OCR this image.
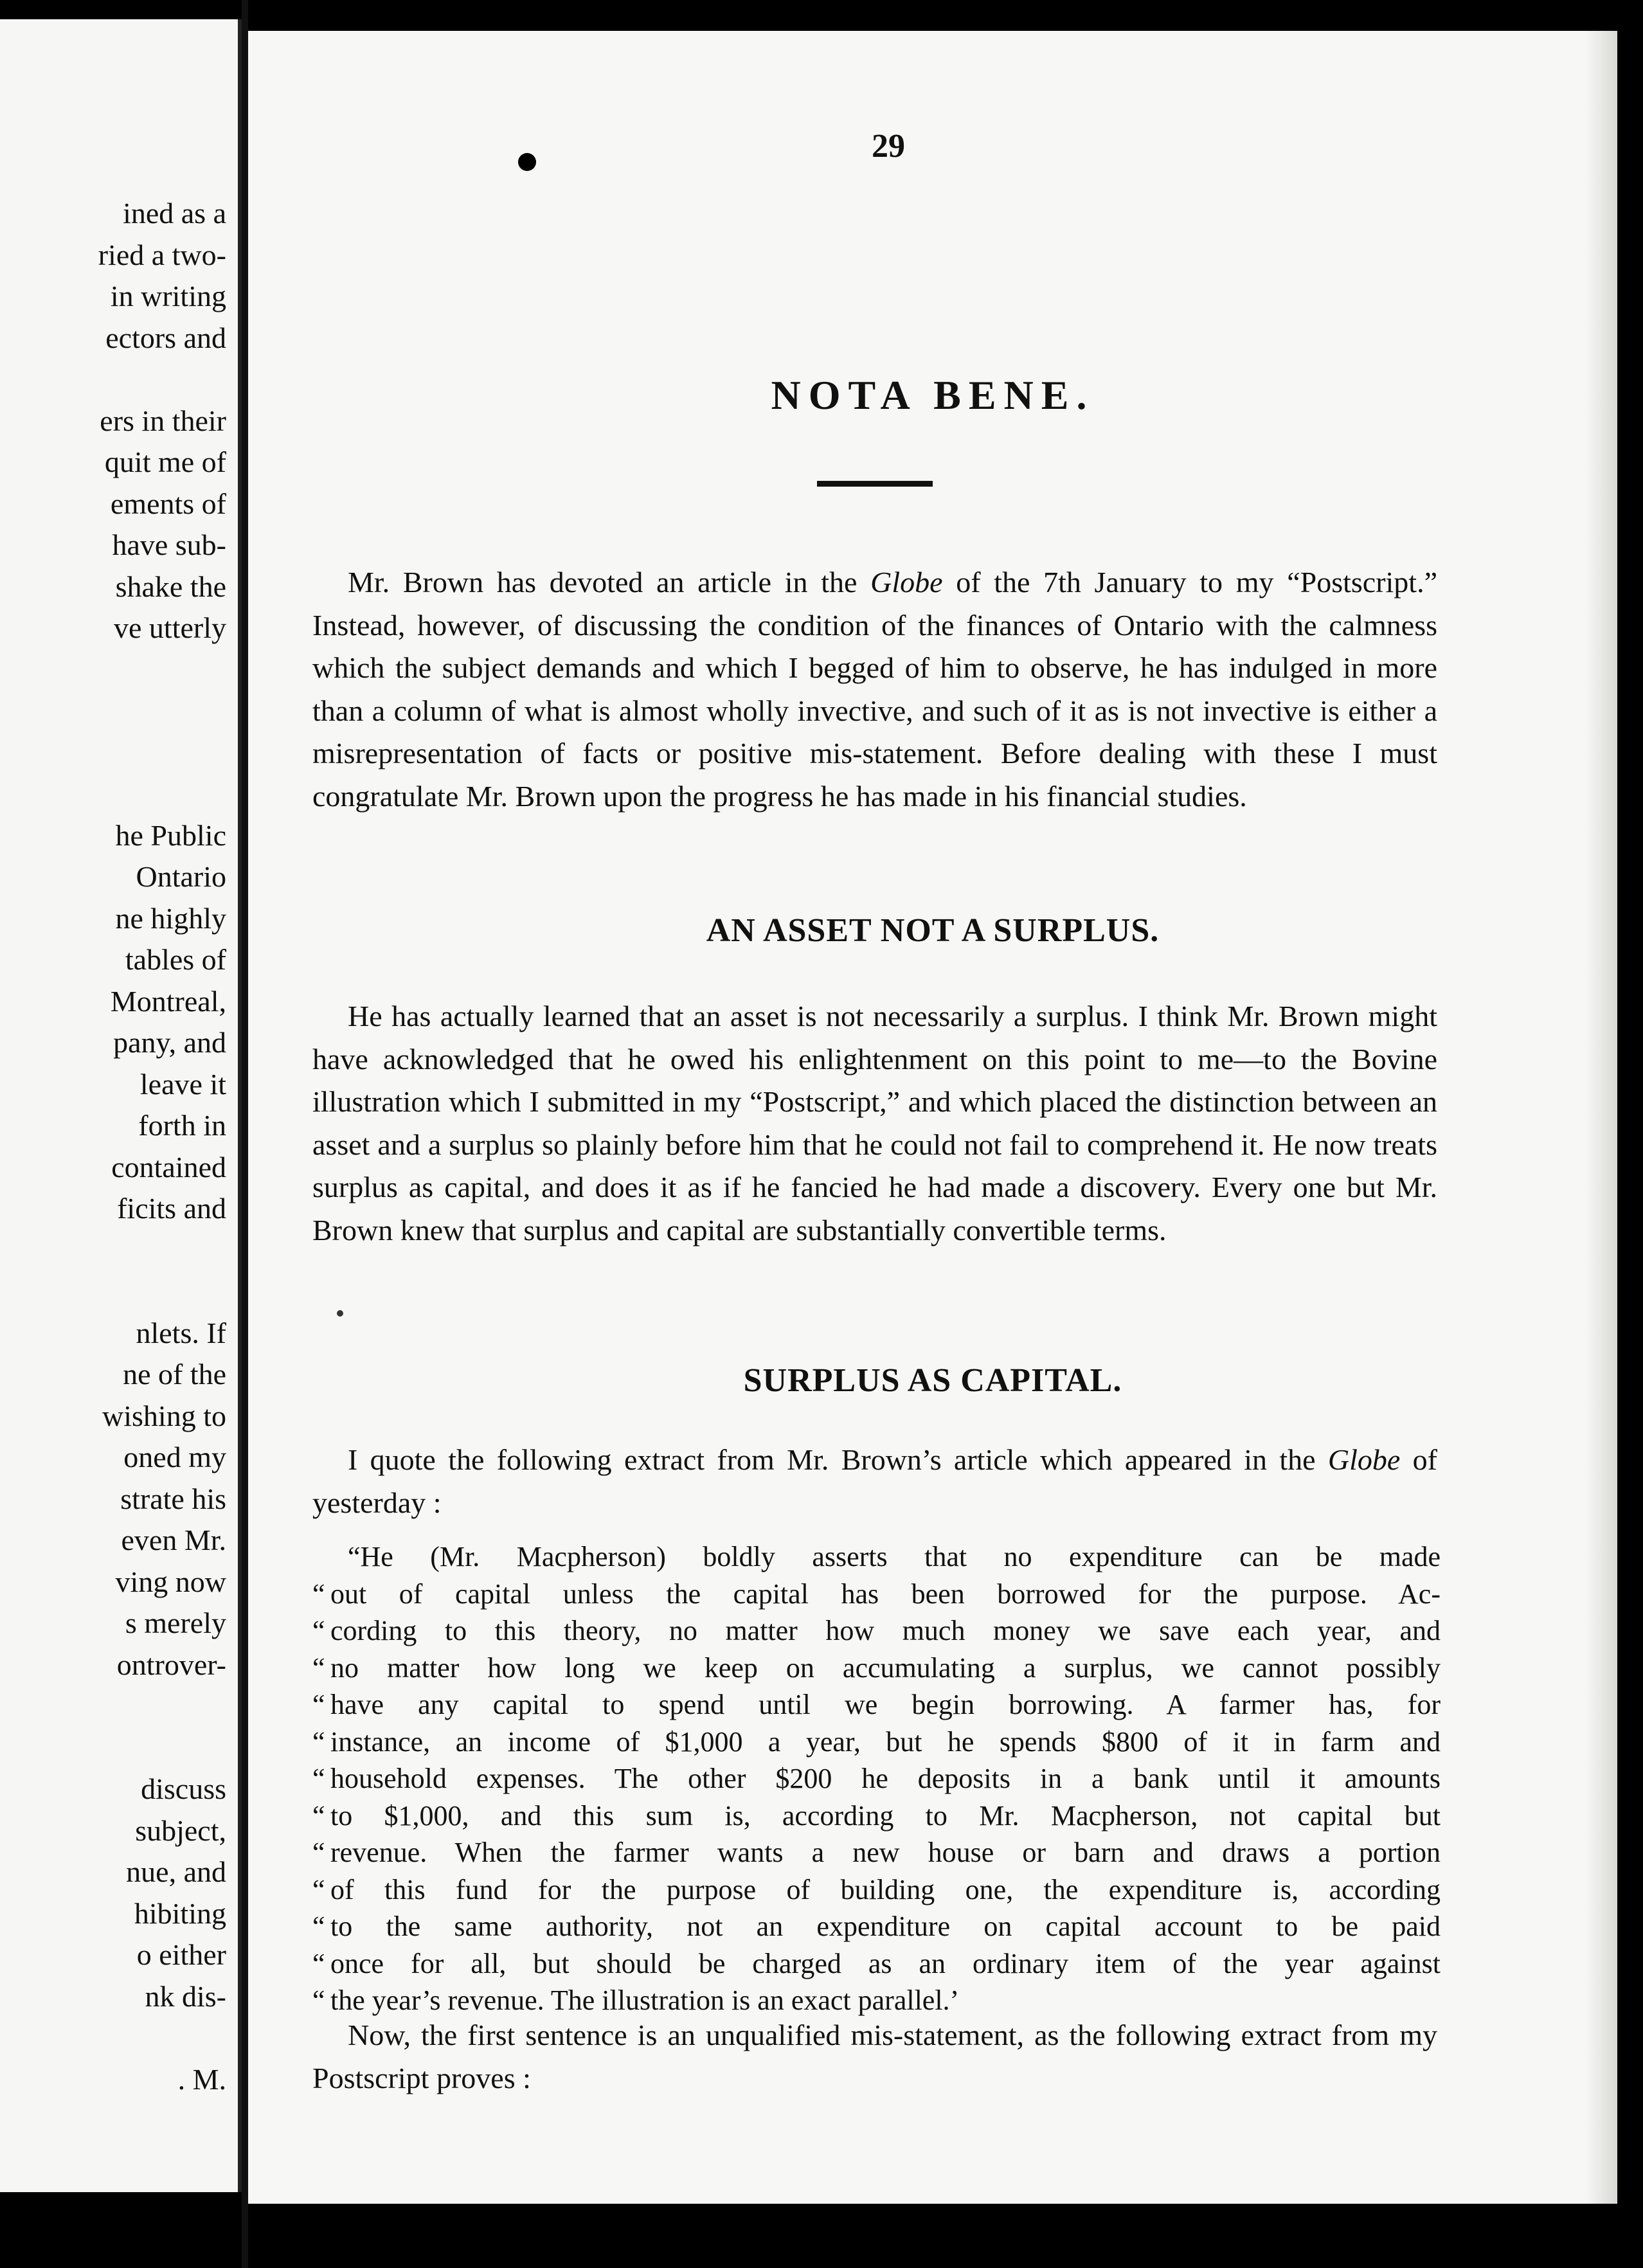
ined as a
ried a two-
in writing
ectors and

ers in their
quit me of
ements of
have sub-
shake the
ve utterly

he Public
Ontario
ne highly
tables of
Montreal,
pany, and
leave it
forth in
contained
ficits and

nlets. If
ne of the
wishing to
oned my
strate his
even Mr.
ving now
s merely
ontrover-

discuss
subject,
nue, and
hibiting
o either
nk dis-

. M.
29
NOTA BENE.
Mr. Brown has devoted an article in the Globe of the 7th January to my “Postscript.” Instead, however, of discussing the condition of the finances of Ontario with the calmness which the subject demands and which I begged of him to observe, he has indulged in more than a column of what is almost wholly invective, and such of it as is not invective is either a misrepresentation of facts or positive mis-statement. Before dealing with these I must congratulate Mr. Brown upon the progress he has made in his financial studies.
AN ASSET NOT A SURPLUS.
He has actually learned that an asset is not necessarily a surplus. I think Mr. Brown might have acknowledged that he owed his enlightenment on this point to me—to the Bovine illustration which I submitted in my “Postscript,” and which placed the distinction between an asset and a surplus so plainly before him that he could not fail to comprehend it. He now treats surplus as capital, and does it as if he fancied he had made a discovery. Every one but Mr. Brown knew that surplus and capital are substantially convertible terms.
SURPLUS AS CAPITAL.
I quote the following extract from Mr. Brown’s article which appeared in the Globe of yesterday :
“He (Mr. Macpherson) boldly asserts that no expenditure can be made
“ out of capital unless the capital has been borrowed for the purpose. Ac-
“ cording to this theory, no matter how much money we save each year, and
“ no matter how long we keep on accumulating a surplus, we cannot possibly
“ have any capital to spend until we begin borrowing. A farmer has, for
“ instance, an income of $1,000 a year, but he spends $800 of it in farm and
“ household expenses. The other $200 he deposits in a bank until it amounts
“ to $1,000, and this sum is, according to Mr. Macpherson, not capital but
“ revenue. When the farmer wants a new house or barn and draws a portion
“ of this fund for the purpose of building one, the expenditure is, according
“ to the same authority, not an expenditure on capital account to be paid
“ once for all, but should be charged as an ordinary item of the year against
“ the year’s revenue. The illustration is an exact parallel.’
Now, the first sentence is an unqualified mis-statement, as the following extract from my Postscript proves :
